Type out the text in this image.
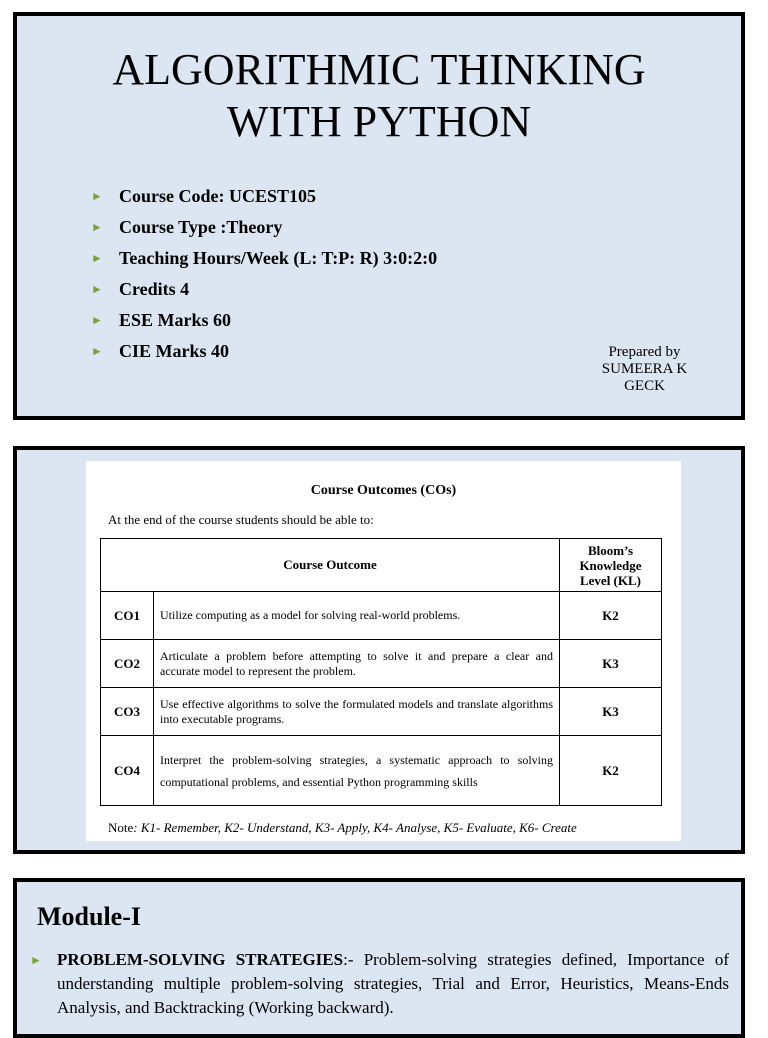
ALGORITHMIC THINKING
WITH PYTHON
► Course Code: UCEST105
► Course Type :Theory
► Teaching Hours/Week (L: T:P: R) 3:0:2:0
► Credits 4
► ESE Marks 60
► CIE Marks 40	Prepared by
SUMEERA K
GECK
Course Outcomes (COs)
At the end of the course students should be able to:
Course Outcome		Bloom’s Knowledge Level (KL)
CO1	Utilize computing as a model for solving real-world problems.	K2
CO2	Articulate a problem before attempting to solve it and prepare a clear and accurate model to represent the problem.	K3
CO3	Use effective algorithms to solve the formulated models and translate algorithms into executable programs.	K3
CO4	Interpret the problem-solving strategies, a systematic approach to solving computational problems, and essential Python programming skills	K2
Note: K1- Remember, K2- Understand, K3- Apply, K4- Analyse, K5- Evaluate, K6- Create
Module-I
► PROBLEM-SOLVING STRATEGIES:- Problem-solving strategies defined, Importance of understanding multiple problem-solving strategies, Trial and Error, Heuristics, Means-Ends Analysis, and Backtracking (Working backward).
